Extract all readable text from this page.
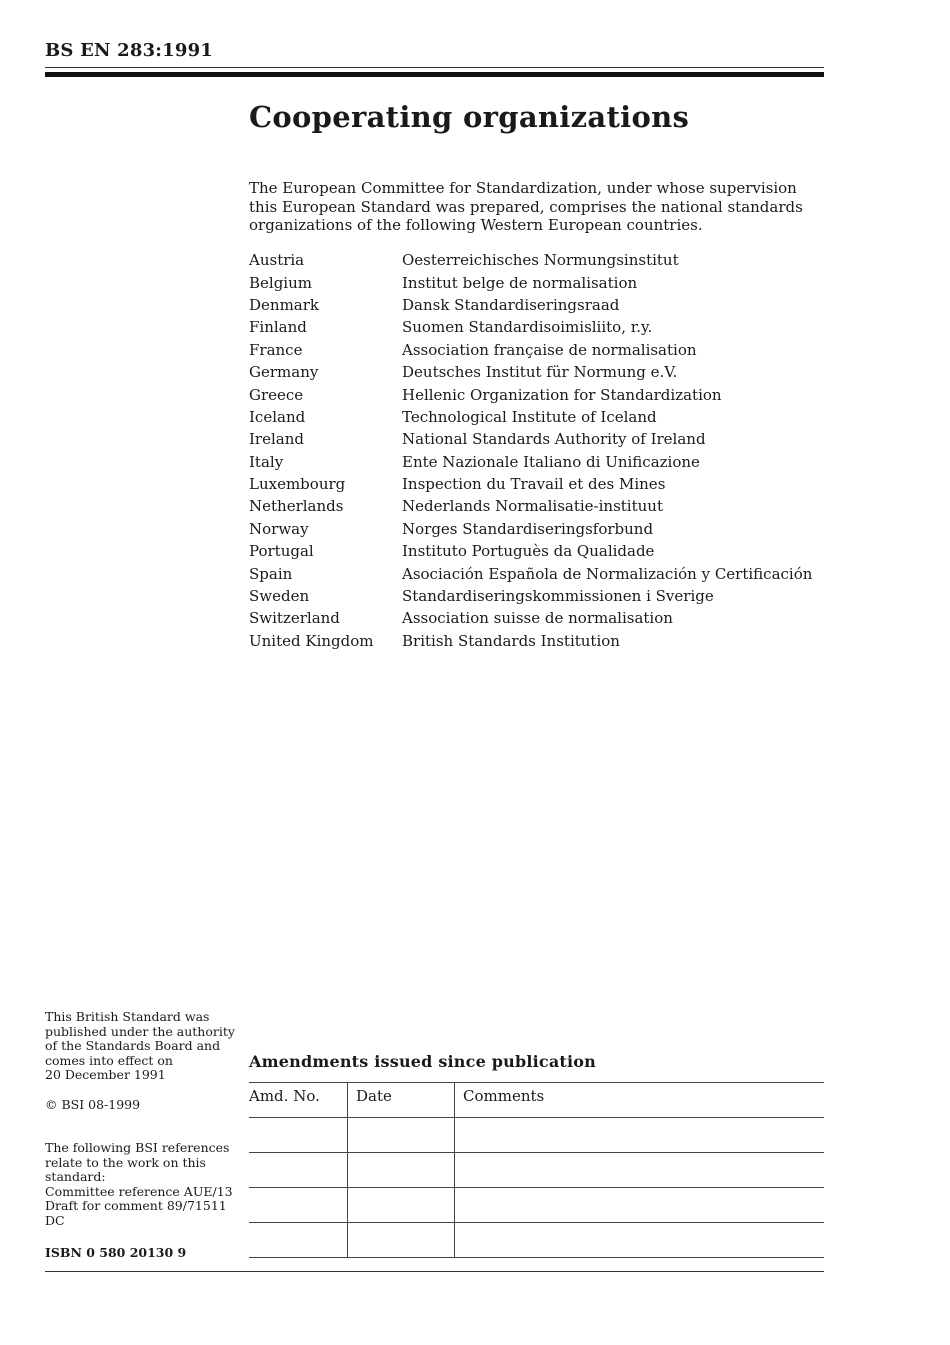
BS EN 283:1991
Cooperating organizations
The European Committee for Standardization, under whose supervision this European Standard was prepared, comprises the national standards organizations of the following Western European countries.
Austria	Oesterreichisches Normungsinstitut
Belgium	Institut belge de normalisation
Denmark	Dansk Standardiseringsraad
Finland	Suomen Standardisoimisliito, r.y.
France	Association française de normalisation
Germany	Deutsches Institut für Normung e.V.
Greece	Hellenic Organization for Standardization
Iceland	Technological Institute of Iceland
Ireland	National Standards Authority of Ireland
Italy	Ente Nazionale Italiano di Unificazione
Luxembourg	Inspection du Travail et des Mines
Netherlands	Nederlands Normalisatie-instituut
Norway	Norges Standardiseringsforbund
Portugal	Instituto Portuguès da Qualidade
Spain	Asociación Española de Normalización y Certificación
Sweden	Standardiseringskommissionen i Sverige
Switzerland	Association suisse de normalisation
United Kingdom	British Standards Institution
This British Standard was
published under the authority
of the Standards Board and
comes into effect on
20 December 1991
© BSI 08-1999
The following BSI references
relate to the work on this
standard:
Committee reference AUE/13
Draft for comment 89/71511 DC
ISBN 0 580 20130 9
Amendments issued since publication
Amd. No.	Date	Comments
